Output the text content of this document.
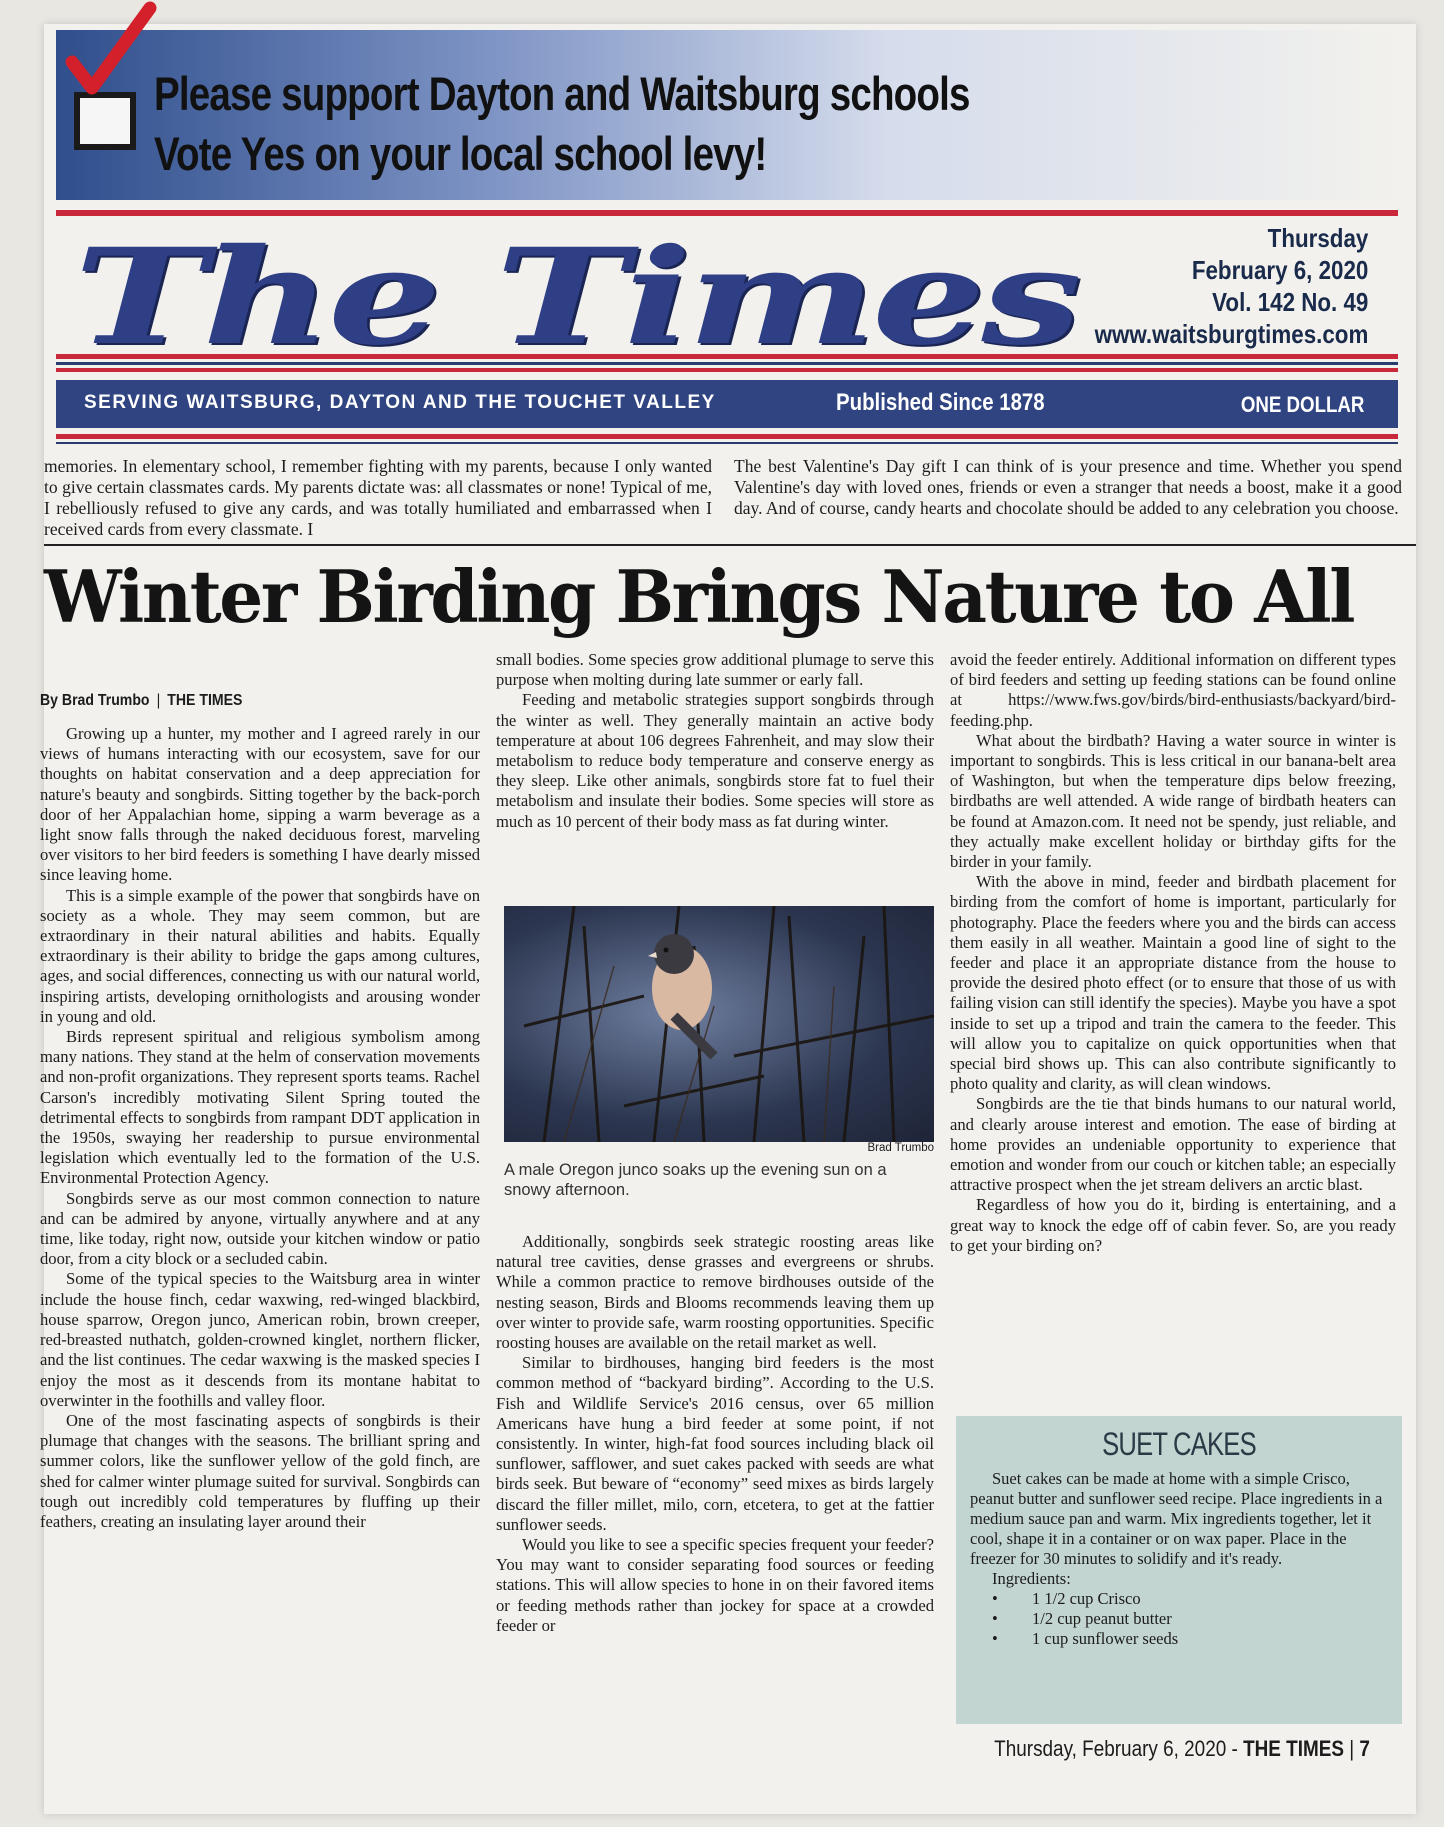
Please support Dayton and Waitsburg schools
Vote Yes on your local school levy!
The Times	Thursday
February 6, 2020
Vol. 142 No. 49
www.waitsburgtimes.com
SERVING WAITSBURG, DAYTON AND THE TOUCHET VALLEY	Published Since 1878	ONE DOLLAR
memories. In elementary school, I remember fighting with my parents, because I only wanted to give certain classmates cards. My parents dictate was: all classmates or none! Typical of me, I rebelliously refused to give any cards, and was totally humiliated and embarrassed when I received cards from every classmate. I
The best Valentine's Day gift I can think of is your presence and time. Whether you spend Valentine's day with loved ones, friends or even a stranger that needs a boost, make it a good day. And of course, candy hearts and chocolate should be added to any celebration you choose.
Winter Birding Brings Nature to All
By Brad Trumbo | THE TIMES

Growing up a hunter, my mother and I agreed rarely in our views of humans interacting with our ecosystem, save for our thoughts on habitat conservation and a deep appreciation for nature's beauty and songbirds. Sitting together by the back-porch door of her Appalachian home, sipping a warm beverage as a light snow falls through the naked deciduous forest, marveling over visitors to her bird feeders is something I have dearly missed since leaving home.

This is a simple example of the power that songbirds have on society as a whole. They may seem common, but are extraordinary in their natural abilities and habits. Equally extraordinary is their ability to bridge the gaps among cultures, ages, and social differences, connecting us with our natural world, inspiring artists, developing ornithologists and arousing wonder in young and old.

Birds represent spiritual and religious symbolism among many nations. They stand at the helm of conservation movements and non-profit organizations. They represent sports teams. Rachel Carson's incredibly motivating Silent Spring touted the detrimental effects to songbirds from rampant DDT application in the 1950s, swaying her readership to pursue environmental legislation which eventually led to the formation of the U.S. Environmental Protection Agency.

Songbirds serve as our most common connection to nature and can be admired by anyone, virtually anywhere and at any time, like today, right now, outside your kitchen window or patio door, from a city block or a secluded cabin.

Some of the typical species to the Waitsburg area in winter include the house finch, cedar waxwing, red-winged blackbird, house sparrow, Oregon junco, American robin, brown creeper, red-breasted nuthatch, golden-crowned kinglet, northern flicker, and the list continues. The cedar waxwing is the masked species I enjoy the most as it descends from its montane habitat to overwinter in the foothills and valley floor.

One of the most fascinating aspects of songbirds is their plumage that changes with the seasons. The brilliant spring and summer colors, like the sunflower yellow of the gold finch, are shed for calmer winter plumage suited for survival. Songbirds can tough out incredibly cold temperatures by fluffing up their feathers, creating an insulating layer around their

small bodies. Some species grow additional plumage to serve this purpose when molting during late summer or early fall.

Feeding and metabolic strategies support songbirds through the winter as well. They generally maintain an active body temperature at about 106 degrees Fahrenheit, and may slow their metabolism to reduce body temperature and conserve energy as they sleep. Like other animals, songbirds store fat to fuel their metabolism and insulate their bodies. Some species will store as much as 10 percent of their body mass as fat during winter.

Brad Trumbo
A male Oregon junco soaks up the evening sun on a snowy afternoon.

Additionally, songbirds seek strategic roosting areas like natural tree cavities, dense grasses and evergreens or shrubs. While a common practice to remove birdhouses outside of the nesting season, Birds and Blooms recommends leaving them up over winter to provide safe, warm roosting opportunities. Specific roosting houses are available on the retail market as well.

Similar to birdhouses, hanging bird feeders is the most common method of “backyard birding”. According to the U.S. Fish and Wildlife Service's 2016 census, over 65 million Americans have hung a bird feeder at some point, if not consistently. In winter, high-fat food sources including black oil sunflower, safflower, and suet cakes packed with seeds are what birds seek. But beware of “economy” seed mixes as birds largely discard the filler millet, milo, corn, etcetera, to get at the fattier sunflower seeds.

Would you like to see a specific species frequent your feeder? You may want to consider separating food sources or feeding stations. This will allow species to hone in on their favored items or feeding methods rather than jockey for space at a crowded feeder or

avoid the feeder entirely. Additional information on different types of bird feeders and setting up feeding stations can be found online at https://www.fws.gov/birds/bird-enthusiasts/backyard/bird-feeding.php.

What about the birdbath? Having a water source in winter is important to songbirds. This is less critical in our banana-belt area of Washington, but when the temperature dips below freezing, birdbaths are well attended. A wide range of birdbath heaters can be found at Amazon.com. It need not be spendy, just reliable, and they actually make excellent holiday or birthday gifts for the birder in your family.

With the above in mind, feeder and birdbath placement for birding from the comfort of home is important, particularly for photography. Place the feeders where you and the birds can access them easily in all weather. Maintain a good line of sight to the feeder and place it an appropriate distance from the house to provide the desired photo effect (or to ensure that those of us with failing vision can still identify the species). Maybe you have a spot inside to set up a tripod and train the camera to the feeder. This will allow you to capitalize on quick opportunities when that special bird shows up. This can also contribute significantly to photo quality and clarity, as will clean windows.

Songbirds are the tie that binds humans to our natural world, and clearly arouse interest and emotion. The ease of birding at home provides an undeniable opportunity to experience that emotion and wonder from our couch or kitchen table; an especially attractive prospect when the jet stream delivers an arctic blast.

Regardless of how you do it, birding is entertaining, and a great way to knock the edge off of cabin fever. So, are you ready to get your birding on?

SUET CAKES
Suet cakes can be made at home with a simple Crisco, peanut butter and sunflower seed recipe. Place ingredients in a medium sauce pan and warm. Mix ingredients together, let it cool, shape it in a container or on wax paper. Place in the freezer for 30 minutes to solidify and it's ready.
Ingredients:
• 1 1/2 cup Crisco
• 1/2 cup peanut butter
• 1 cup sunflower seeds
Thursday, February 6, 2020 - THE TIMES | 7
